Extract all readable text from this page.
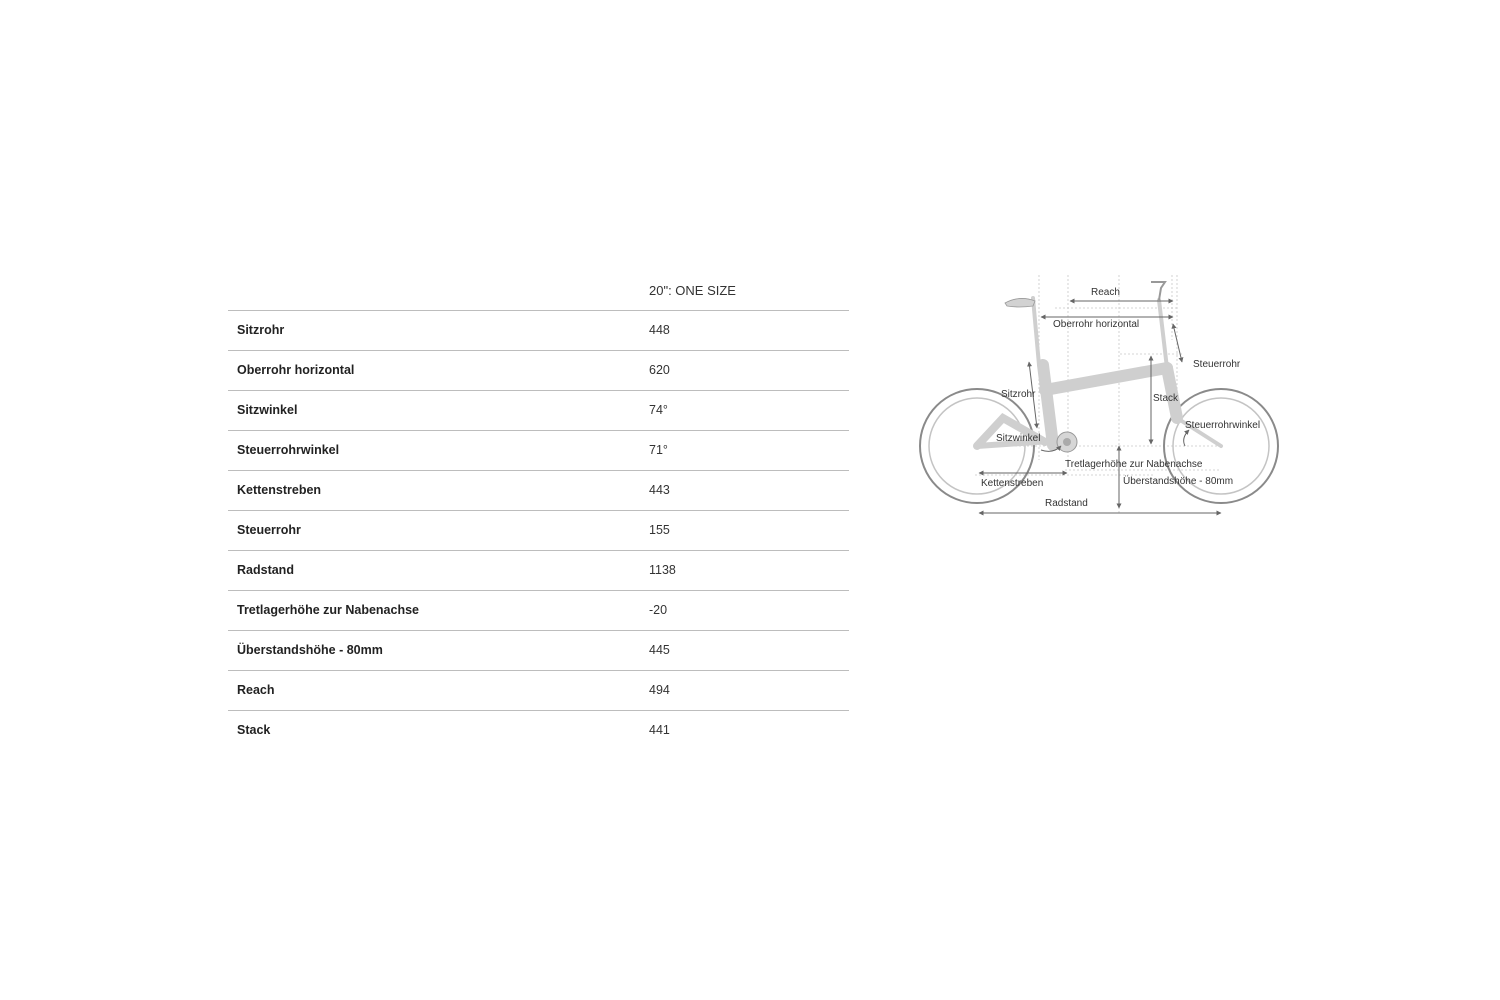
20": ONE SIZE
Sitzrohr	448
Oberrohr horizontal	620
Sitzwinkel	74°
Steuerrohrwinkel	71°
Kettenstreben	443
Steuerrohr	155
Radstand	1138
Tretlagerhöhe zur Nabenachse	-20
Überstandshöhe - 80mm	445
Reach	494
Stack	441
Reach
Oberrohr horizontal
Steuerrohr
Sitzrohr	Stack
Steuerrohrwinkel
Sitzwinkel
Tretlagerhöhe zur Nabenachse
Kettenstreben	Überstandshöhe - 80mm
Radstand
